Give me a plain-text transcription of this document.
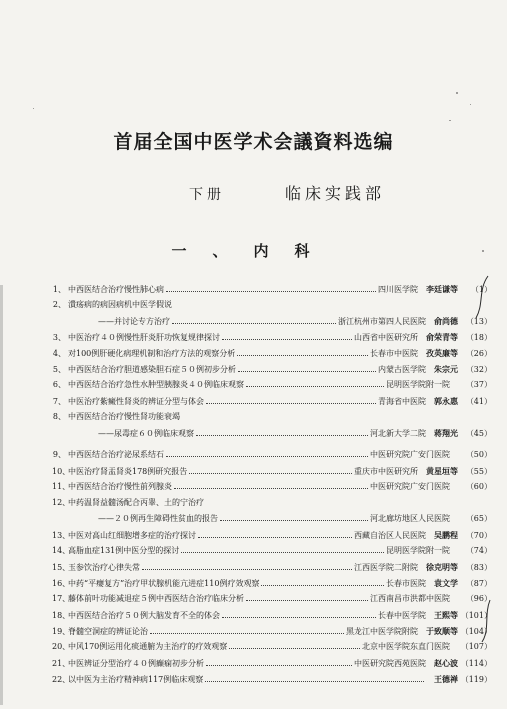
首届全国中医学术会議資料选编
下册	临床实践部
一、内科
1、 中西医结合治疗慢性肺心病	四川医学院 李廷谦等	（1）
2、 潰疡病的病因病机中医学假说
——并讨论专方治疗	浙江杭州市第四人民医院 俞尚德 （13）
3、 中医治疗４０例慢性肝炎肝功恢复规律探讨	山西省中医研究所 俞荣青等 （18）
4、 对100例肝硬化病理机制和治疗方法的观察分析	长春市中医院 孜英廉等 （26）
5、 中西医结合治疗胆道感染胆石症５０例初步分析	内蒙古医学院 朱宗元 （32）
6、 中西医结合治疗急性水肿型胰腺炎４０例临床观察	昆明医学院附一院	（37）
7、 中医治疗紫癜性肾炎的辨证分型与体会	青海省中医院 郭永惠 （41）
8、 中西医结合治疗慢性肾功能衰竭
——尿毒症６０例临床观察	河北新大学二院 蒋翔光 （45）
9、 中西医结合治疗泌尿系结石	中医研究院广安门医院	（50）
10、
中医治疗肾盂肾炎178例研究报告	重庆市中医研究所 黄星垣等 （55）
11、
中西医结合治疗慢性前列腺炎	中医研究院广安门医院	（60）
12、
中药温肾益髓汤配合丙睾、土的宁治疗
——２０例再生障碍性贫血的报告	河北廊坊地区人民医院	（65）
13、
中医对高山红细胞增多症的治疗探讨	西藏自治区人民医院 吴鹏程 （70）
14、
高脂血症131例中医分型的探讨	昆明医学院附一院	（74）
15、
玉参饮治疗心律失常	江西医学院二附院 徐克明等 （83）
16、
中药“平瘿复方”治疗甲状腺机能亢进症110例疗效观察	长春市医院 袁文学 （87）
17、
藤体前叶功能减退症５例中西医结合治疗临床分析	江西南昌市洪都中医院	（96）
18、
中西医结合治疗５０例大脑发育不全的体会	长春中医学院 王熙等 （101）
19、
脊髓空洞症的辨证论治	黑龙江中医学院附院 于致顺等 （104）
20、
中风170例运用化痰通腑为主治疗的疗效观察	北京中医学院东直门医院	（107）
21、
中医辨证分型治疗４０例癫痫初步分析	中医研究院西苑医院 赵心波 （114）
22、
以中医为主治疗精神病117例临床观察	王德禅 （119）
